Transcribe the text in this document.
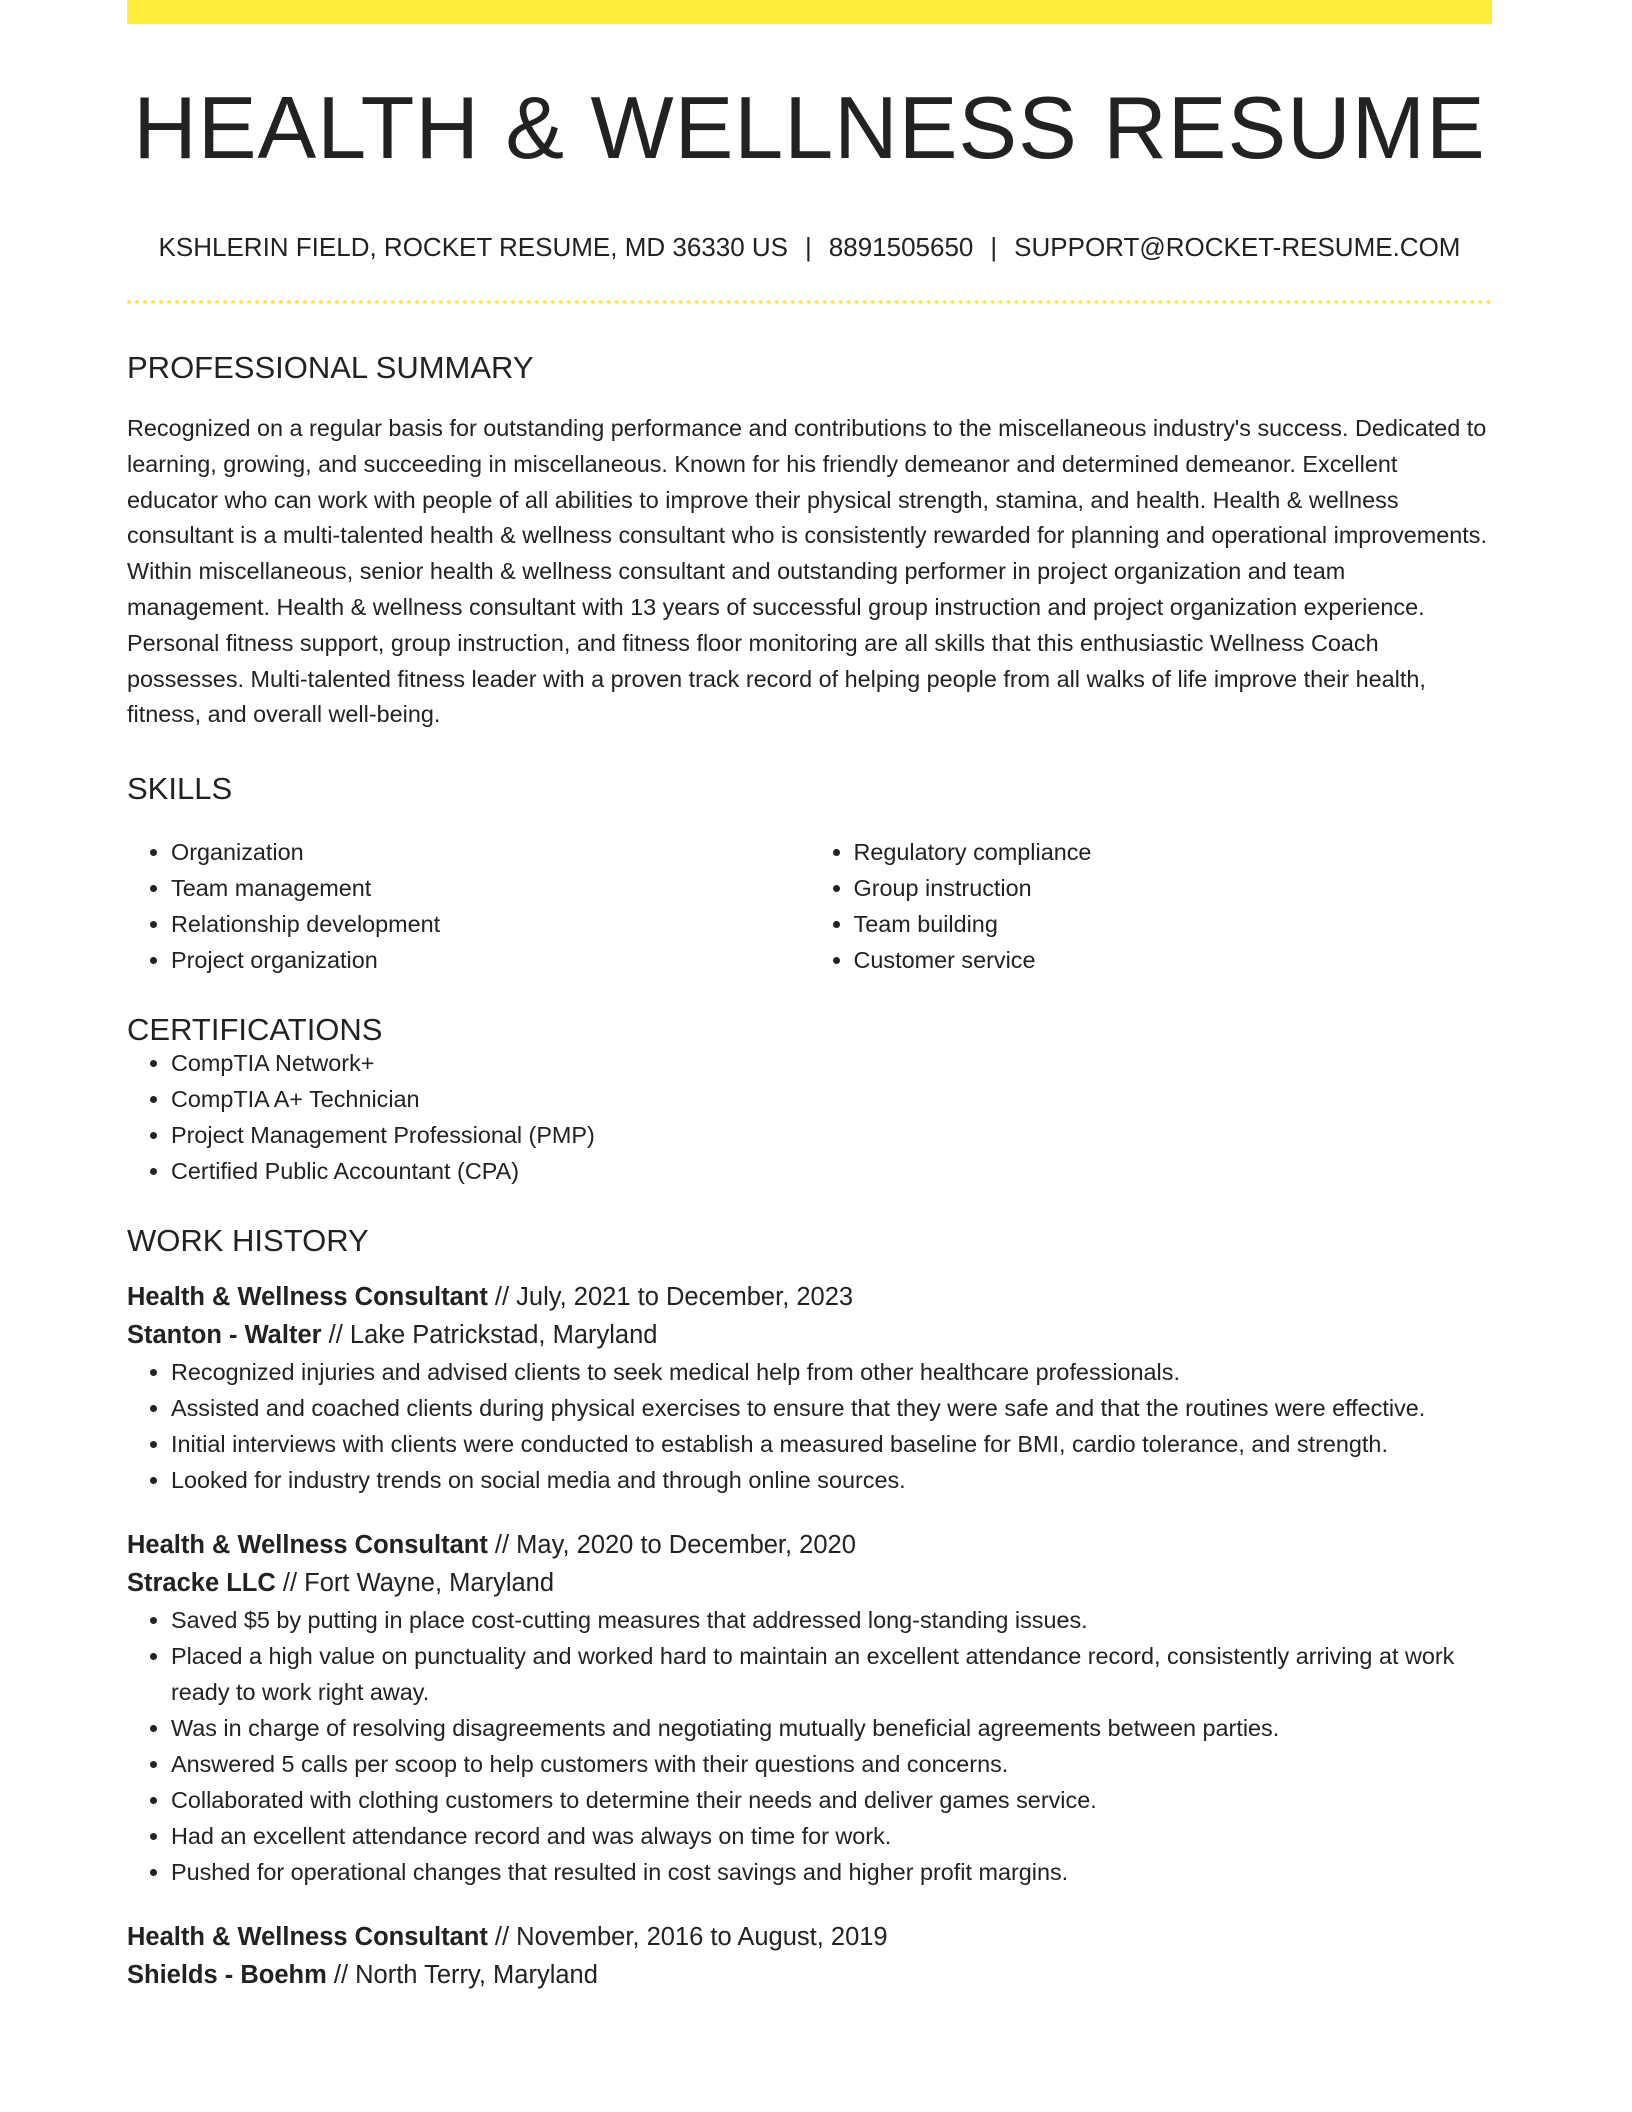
HEALTH & WELLNESS RESUME
KSHLERIN FIELD, ROCKET RESUME, MD 36330 US | 8891505650 | SUPPORT@ROCKET-RESUME.COM
PROFESSIONAL SUMMARY

Recognized on a regular basis for outstanding performance and contributions to the miscellaneous industry's success. Dedicated to learning, growing, and succeeding in miscellaneous. Known for his friendly demeanor and determined demeanor. Excellent educator who can work with people of all abilities to improve their physical strength, stamina, and health. Health & wellness consultant is a multi-talented health & wellness consultant who is consistently rewarded for planning and operational improvements. Within miscellaneous, senior health & wellness consultant and outstanding performer in project organization and team management. Health & wellness consultant with 13 years of successful group instruction and project organization experience. Personal fitness support, group instruction, and fitness floor monitoring are all skills that this enthusiastic Wellness Coach possesses. Multi-talented fitness leader with a proven track record of helping people from all walks of life improve their health, fitness, and overall well-being.

SKILLS
• Organization
• Team management
• Relationship development
• Project organization
• Regulatory compliance
• Group instruction
• Team building
• Customer service
CERTIFICATIONS
• CompTIA Network+
• CompTIA A+ Technician
• Project Management Professional (PMP)
• Certified Public Accountant (CPA)
WORK HISTORY
Health & Wellness Consultant // July, 2021 to December, 2023
Stanton - Walter // Lake Patrickstad, Maryland
• Recognized injuries and advised clients to seek medical help from other healthcare professionals.
• Assisted and coached clients during physical exercises to ensure that they were safe and that the routines were effective.
• Initial interviews with clients were conducted to establish a measured baseline for BMI, cardio tolerance, and strength.
• Looked for industry trends on social media and through online sources.
Health & Wellness Consultant // May, 2020 to December, 2020
Stracke LLC // Fort Wayne, Maryland
• Saved $5 by putting in place cost-cutting measures that addressed long-standing issues.
• Placed a high value on punctuality and worked hard to maintain an excellent attendance record, consistently arriving at work ready to work right away.
• Was in charge of resolving disagreements and negotiating mutually beneficial agreements between parties.
• Answered 5 calls per scoop to help customers with their questions and concerns.
• Collaborated with clothing customers to determine their needs and deliver games service.
• Had an excellent attendance record and was always on time for work.
• Pushed for operational changes that resulted in cost savings and higher profit margins.
Health & Wellness Consultant // November, 2016 to August, 2019
Shields - Boehm // North Terry, Maryland
